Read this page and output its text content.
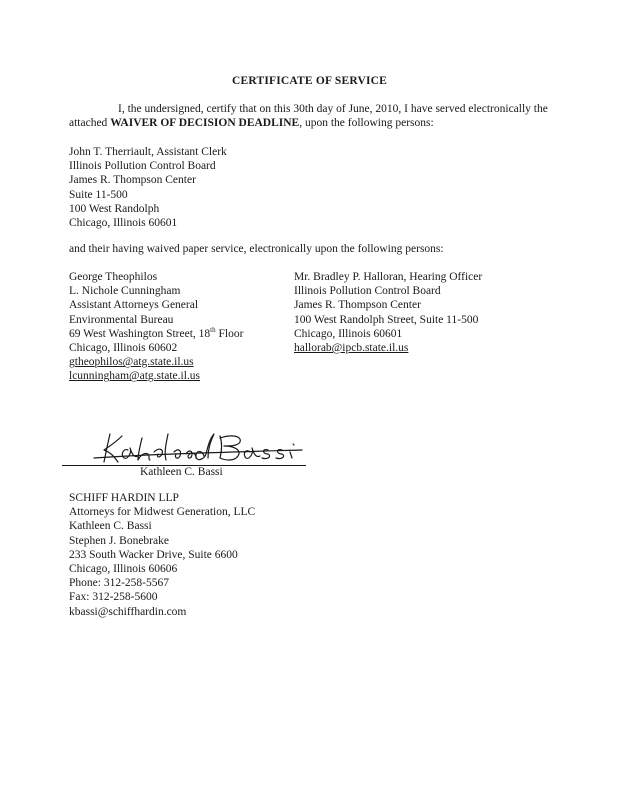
CERTIFICATE OF SERVICE

I, the undersigned, certify that on this 30th day of June, 2010, I have served electronically the attached WAIVER OF DECISION DEADLINE, upon the following persons:

John T. Therriault, Assistant Clerk
Illinois Pollution Control Board
James R. Thompson Center
Suite 11-500
100 West Randolph
Chicago, Illinois 60601
and their having waived paper service, electronically upon the following persons:
George Theophilos
L. Nichole Cunningham
Assistant Attorneys General
Environmental Bureau
69 West Washington Street, 18th Floor
Chicago, Illinois 60602
gtheophilos@atg.state.il.us
lcunningham@atg.state.il.us
Mr. Bradley P. Halloran, Hearing Officer
Illinois Pollution Control Board
James R. Thompson Center
100 West Randolph Street, Suite 11-500
Chicago, Illinois 60601
hallorab@ipcb.state.il.us
Kathleen C. Bassi
SCHIFF HARDIN LLP
Attorneys for Midwest Generation, LLC
Kathleen C. Bassi
Stephen J. Bonebrake
233 South Wacker Drive, Suite 6600
Chicago, Illinois 60606
Phone: 312-258-5567
Fax: 312-258-5600
kbassi@schiffhardin.com
